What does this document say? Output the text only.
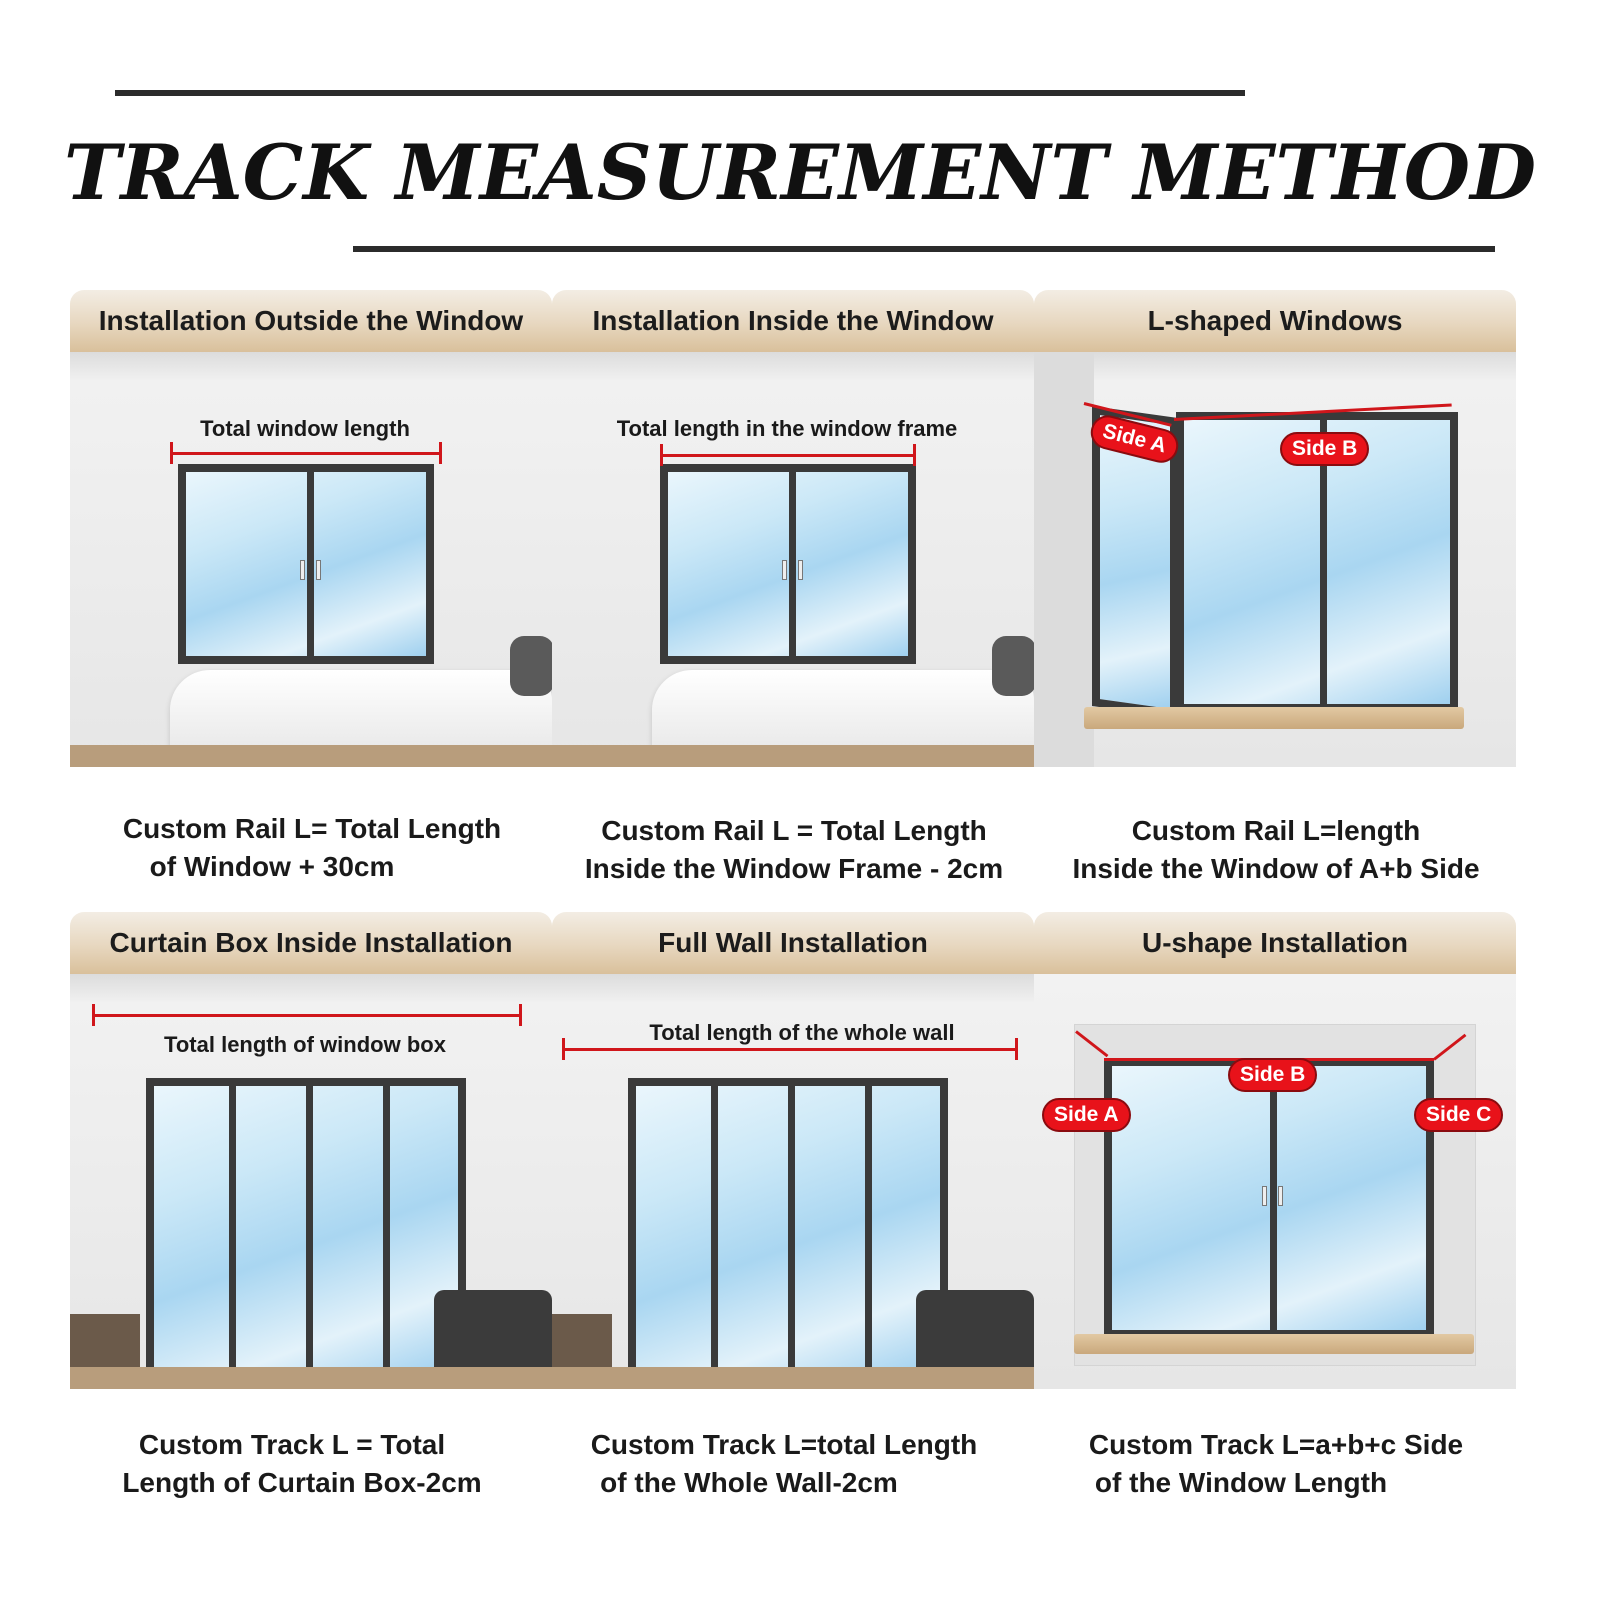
TRACK MEASUREMENT METHOD
Installation Outside the Window
Total window length
Custom Rail L= Total Length
of Window + 30cm
Installation Inside the Window
Total length in the window frame
Custom Rail L = Total Length
Inside the Window Frame - 2cm
L-shaped Windows
Side A	Side B
Custom Rail L=length
Inside the Window of A+b Side
Curtain Box Inside Installation
Total length of window box
Custom Track L = Total
Length of Curtain Box-2cm
Full Wall Installation
Total length of the whole wall
Custom Track L=total Length
of the Whole Wall-2cm
U-shape Installation
Side A
Side B
Side C
Custom Track L=a+b+c Side
of the Window Length
